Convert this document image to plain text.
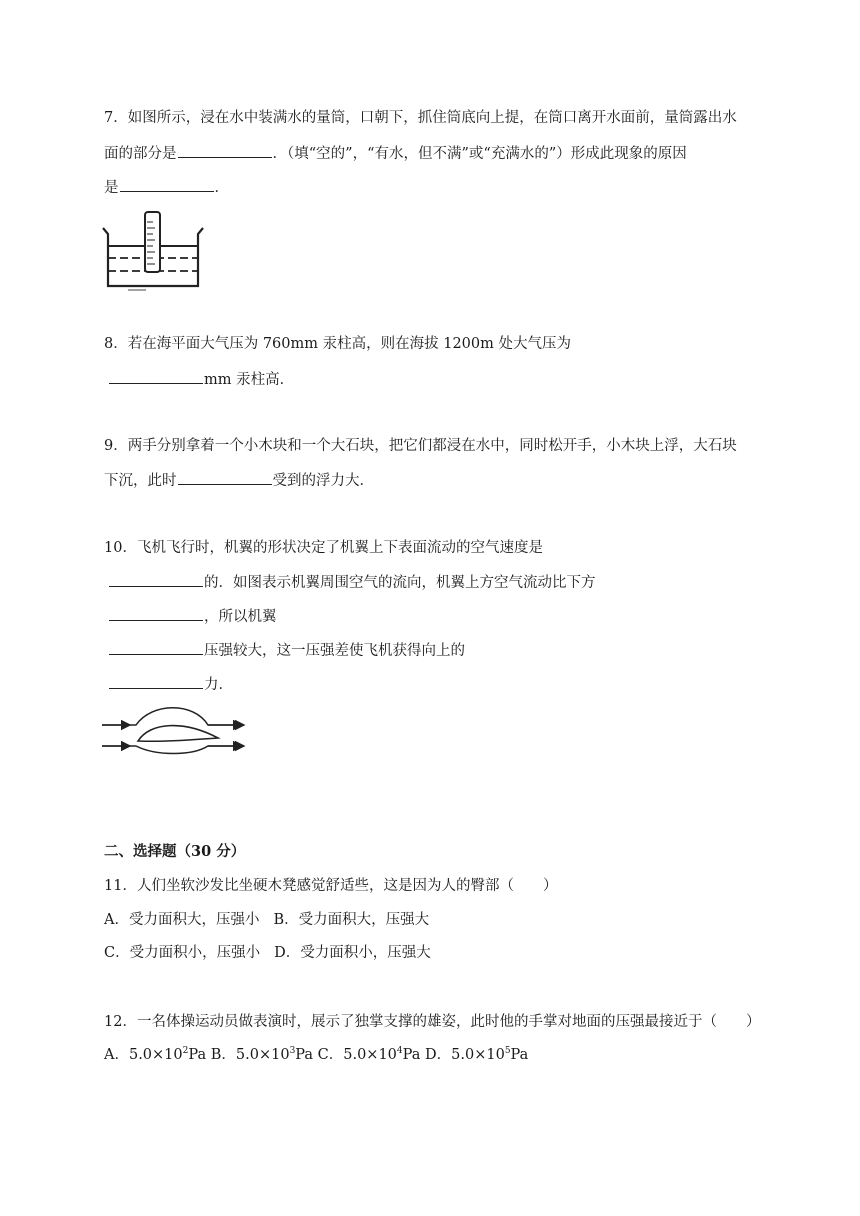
7．如图所示，浸在水中装满水的量筒，口朝下，抓住筒底向上提，在筒口离开水面前，量筒露出水
面的部分是	．（填“空的”，“有水，但不满”或“充满水的”）形成此现象的原因
是	．
8．若在海平面大气压为 760mm 汞柱高，则在海拔 1200m 处大气压为
mm 汞柱高．
9．两手分别拿着一个小木块和一个大石块，把它们都浸在水中，同时松开手，小木块上浮，大石块
下沉，此时	受到的浮力大．
10．飞机飞行时，机翼的形状决定了机翼上下表面流动的空气速度是
的．如图表示机翼周围空气的流向，机翼上方空气流动比下方
，所以机翼
压强较大，这一压强差使飞机获得向上的
力．
二、选择题（30 分）
11．人们坐软沙发比坐硬木凳感觉舒适些，这是因为人的臀部（　　）
A．受力面积大，压强小 B．受力面积大，压强大
C．受力面积小，压强小 D．受力面积小，压强大
12．一名体操运动员做表演时，展示了独掌支撑的雄姿，此时他的手掌对地面的压强最接近于（　　）
A．$5.0\times 10^2Pa$ B．$5.0\times 10^3Pa$ C．$5.0\times 10^4Pa$ D．$5.0\times 10^5Pa$
